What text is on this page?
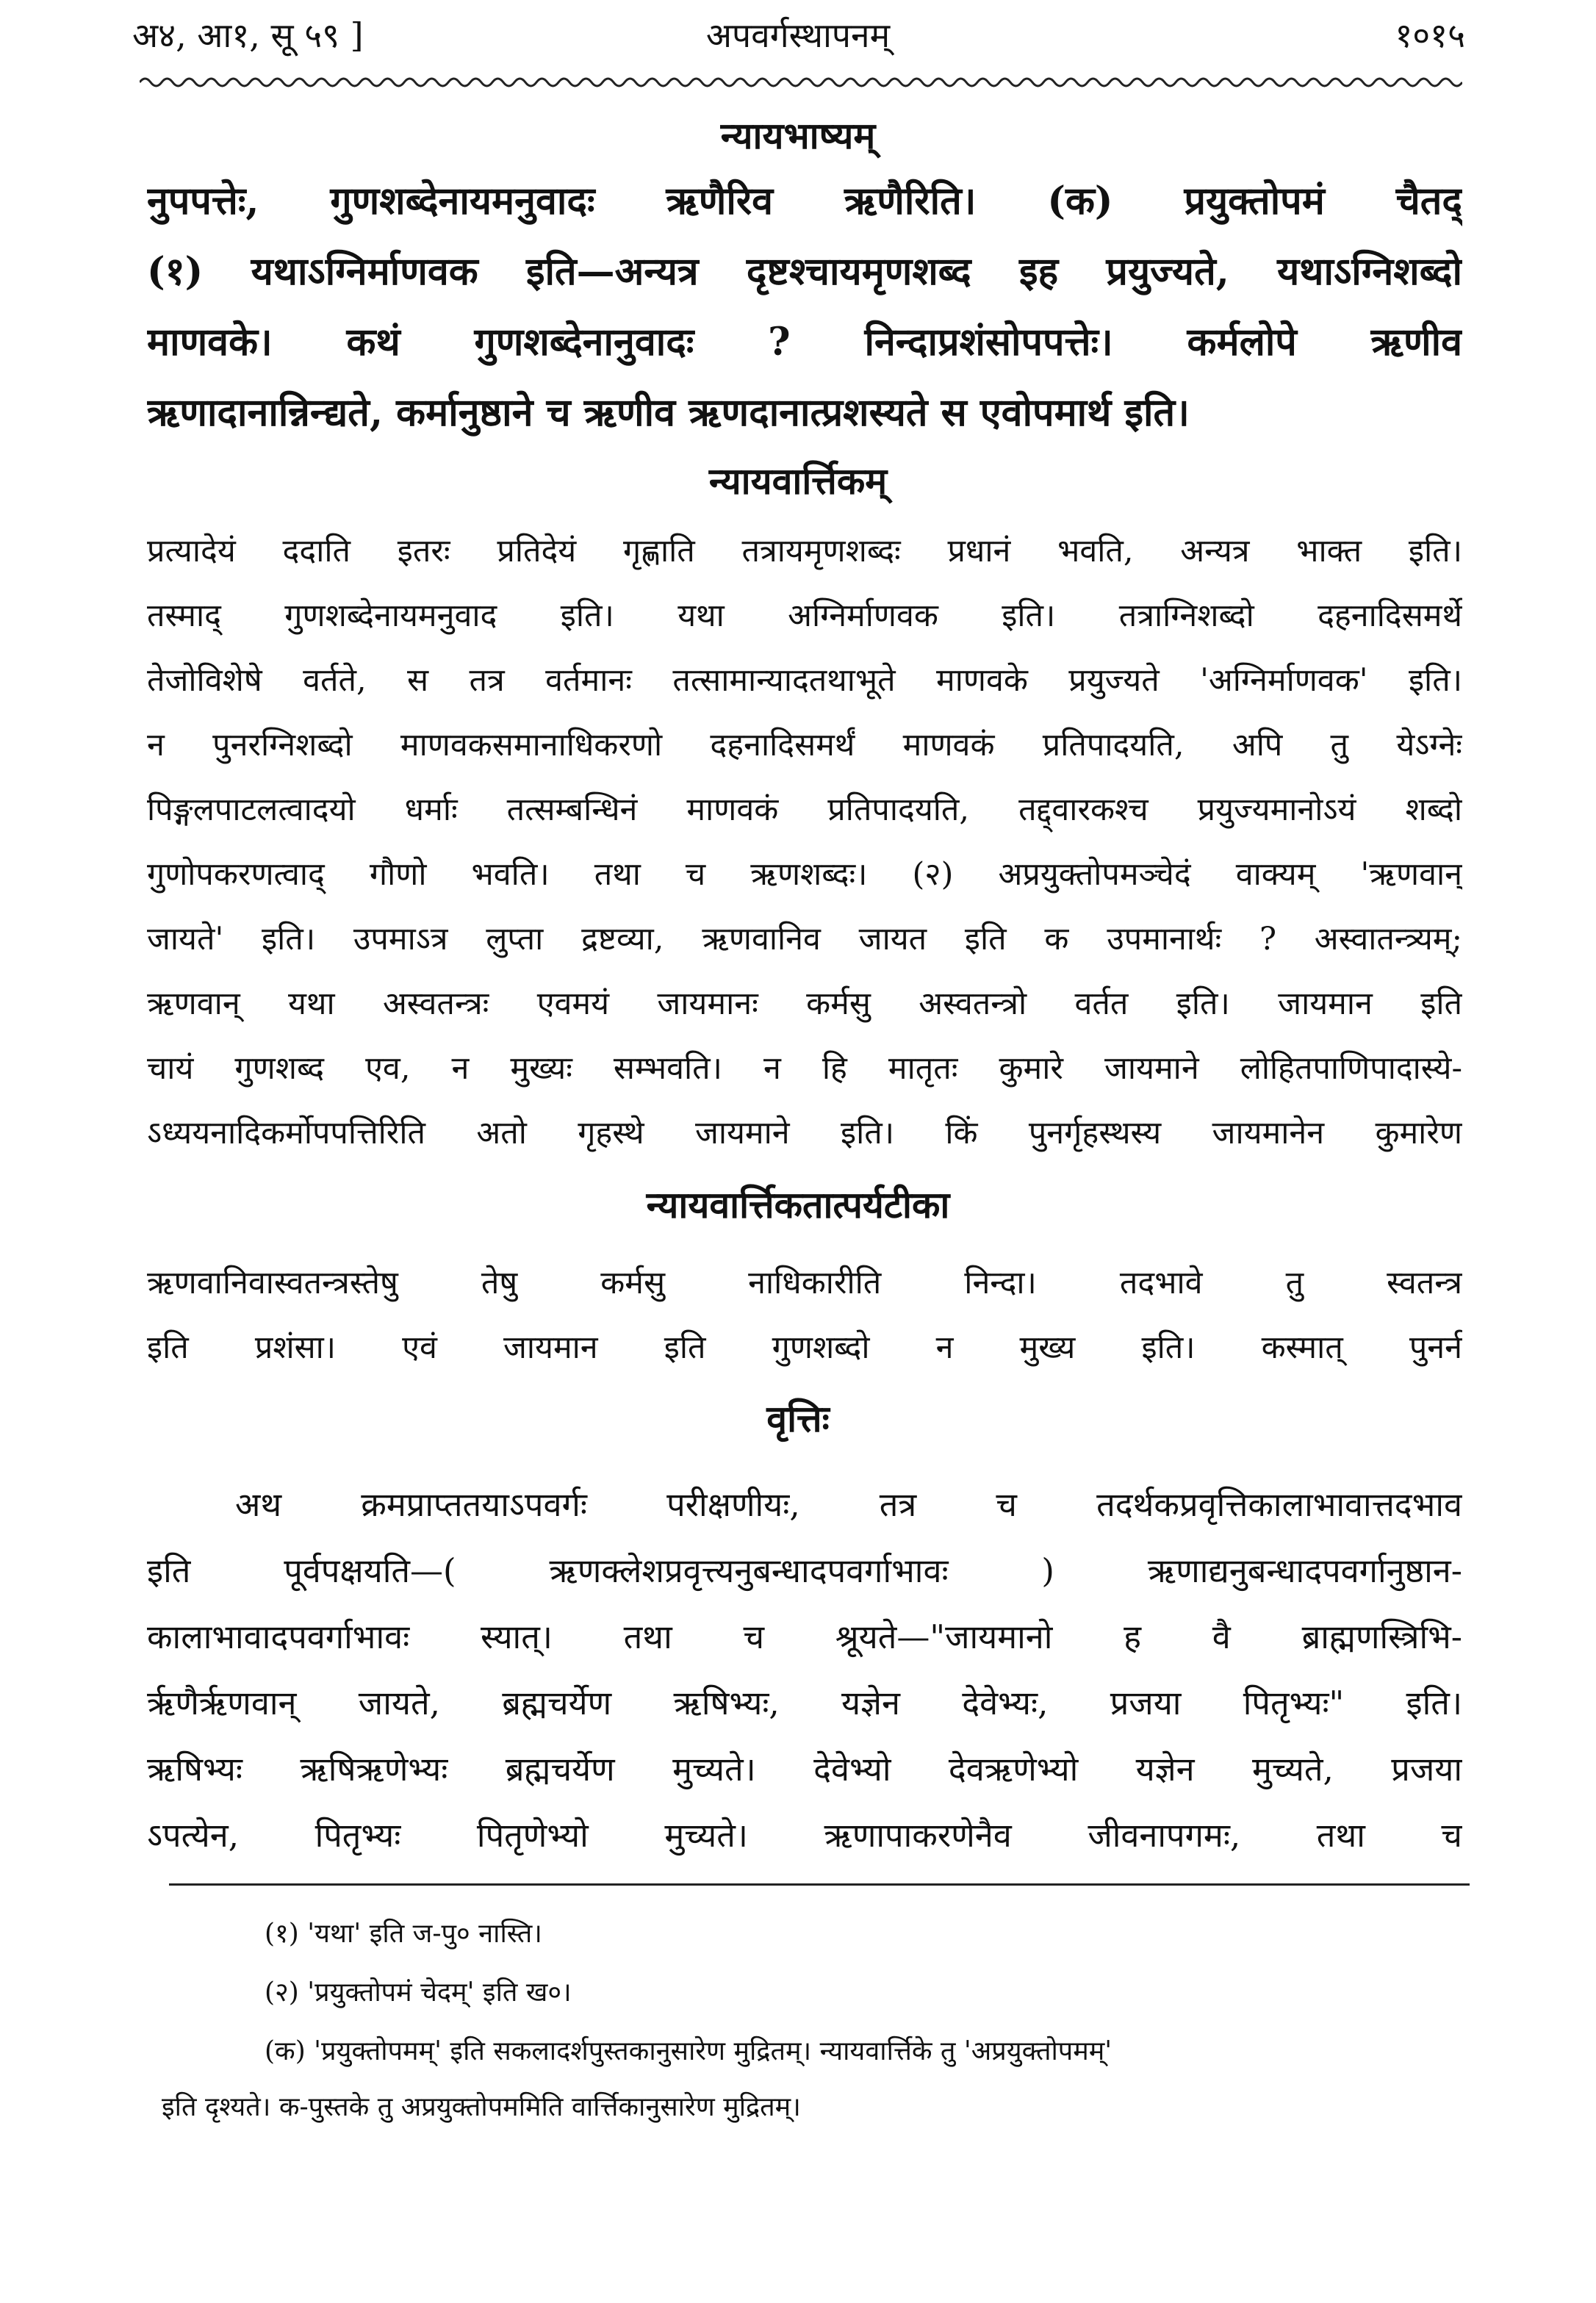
अ४, आ१, सू ५९ ]	अपवर्गस्थापनम्	१०१५
न्यायभाष्यम्
नुपपत्तेः, गुणशब्देनायमनुवादः ऋणैरिव ऋणैरिति। (क) प्रयुक्तोपमं चैतद्
(१) यथाऽग्निर्माणवक इति—अन्यत्र दृष्टश्चायमृणशब्द इह प्रयुज्यते, यथाऽग्निशब्दो
माणवके। कथं गुणशब्देनानुवादः ? निन्दाप्रशंसोपपत्तेः। कर्मलोपे ऋणीव
ऋणादानान्निन्द्यते, कर्मानुष्ठाने च ऋणीव ऋणदानात्प्रशस्यते स एवोपमार्थ इति।
न्यायवार्त्तिकम्
प्रत्यादेयं ददाति इतरः प्रतिदेयं गृह्णाति तत्रायमृणशब्दः प्रधानं भवति, अन्यत्र भाक्त इति।
तस्माद् गुणशब्देनायमनुवाद इति। यथा अग्निर्माणवक इति। तत्राग्निशब्दो दहनादिसमर्थे
तेजोविशेषे वर्तते, स तत्र वर्तमानः तत्सामान्यादतथाभूते माणवके प्रयुज्यते 'अग्निर्माणवक' इति।
न पुनरग्निशब्दो माणवकसमानाधिकरणो दहनादिसमर्थं माणवकं प्रतिपादयति, अपि तु येऽग्नेः
पिङ्गलपाटलत्वादयो धर्माः तत्सम्बन्धिनं माणवकं प्रतिपादयति, तद्द्वारकश्च प्रयुज्यमानोऽयं शब्दो
गुणोपकरणत्वाद् गौणो भवति। तथा च ऋणशब्दः। (२) अप्रयुक्तोपमञ्चेदं वाक्यम् 'ऋणवान्
जायते' इति। उपमाऽत्र लुप्ता द्रष्टव्या, ऋणवानिव जायत इति क उपमानार्थः ? अस्वातन्त्र्यम्;
ऋणवान् यथा अस्वतन्त्रः एवमयं जायमानः कर्मसु अस्वतन्त्रो वर्तत इति। जायमान इति
चायं गुणशब्द एव, न मुख्यः सम्भवति। न हि मातृतः कुमारे जायमाने लोहितपाणिपादास्ये-
ऽध्ययनादिकर्मोपपत्तिरिति अतो गृहस्थे जायमाने इति। किं पुनर्गृहस्थस्य जायमानेन कुमारेण
न्यायवार्त्तिकतात्पर्यटीका
ऋणवानिवास्वतन्त्रस्तेषु तेषु कर्मसु नाधिकारीति निन्दा। तदभावे तु स्वतन्त्र
इति प्रशंसा। एवं जायमान इति गुणशब्दो न मुख्य इति। कस्मात् पुनर्न
वृत्तिः
अथ क्रमप्राप्ततयाऽपवर्गः परीक्षणीयः, तत्र च तदर्थकप्रवृत्तिकालाभावात्तदभाव
इति पूर्वपक्षयति—( ऋणक्लेशप्रवृत्त्यनुबन्धादपवर्गाभावः ) ऋणाद्यनुबन्धादपवर्गानुष्ठान-
कालाभावादपवर्गाभावः स्यात्। तथा च श्रूयते—"जायमानो ह वै ब्राह्मणस्त्रिभि-
र्ऋणैर्ऋणवान् जायते, ब्रह्मचर्येण ऋषिभ्यः, यज्ञेन देवेभ्यः, प्रजया पितृभ्यः" इति।
ऋषिभ्यः ऋषिऋणेभ्यः ब्रह्मचर्येण मुच्यते। देवेभ्यो देवऋणेभ्यो यज्ञेन मुच्यते, प्रजया
ऽपत्येन, पितृभ्यः पितृणेभ्यो मुच्यते। ऋणापाकरणेनैव जीवनापगमः, तथा च
(१) 'यथा' इति ज-पु० नास्ति।
(२) 'प्रयुक्तोपमं चेदम्' इति ख०।
(क) 'प्रयुक्तोपमम्' इति सकलादर्शपुस्तकानुसारेण मुद्रितम्। न्यायवार्त्तिके तु 'अप्रयुक्तोपमम्'
इति दृश्यते। क-पुस्तके तु अप्रयुक्तोपममिति वार्त्तिकानुसारेण मुद्रितम्।
